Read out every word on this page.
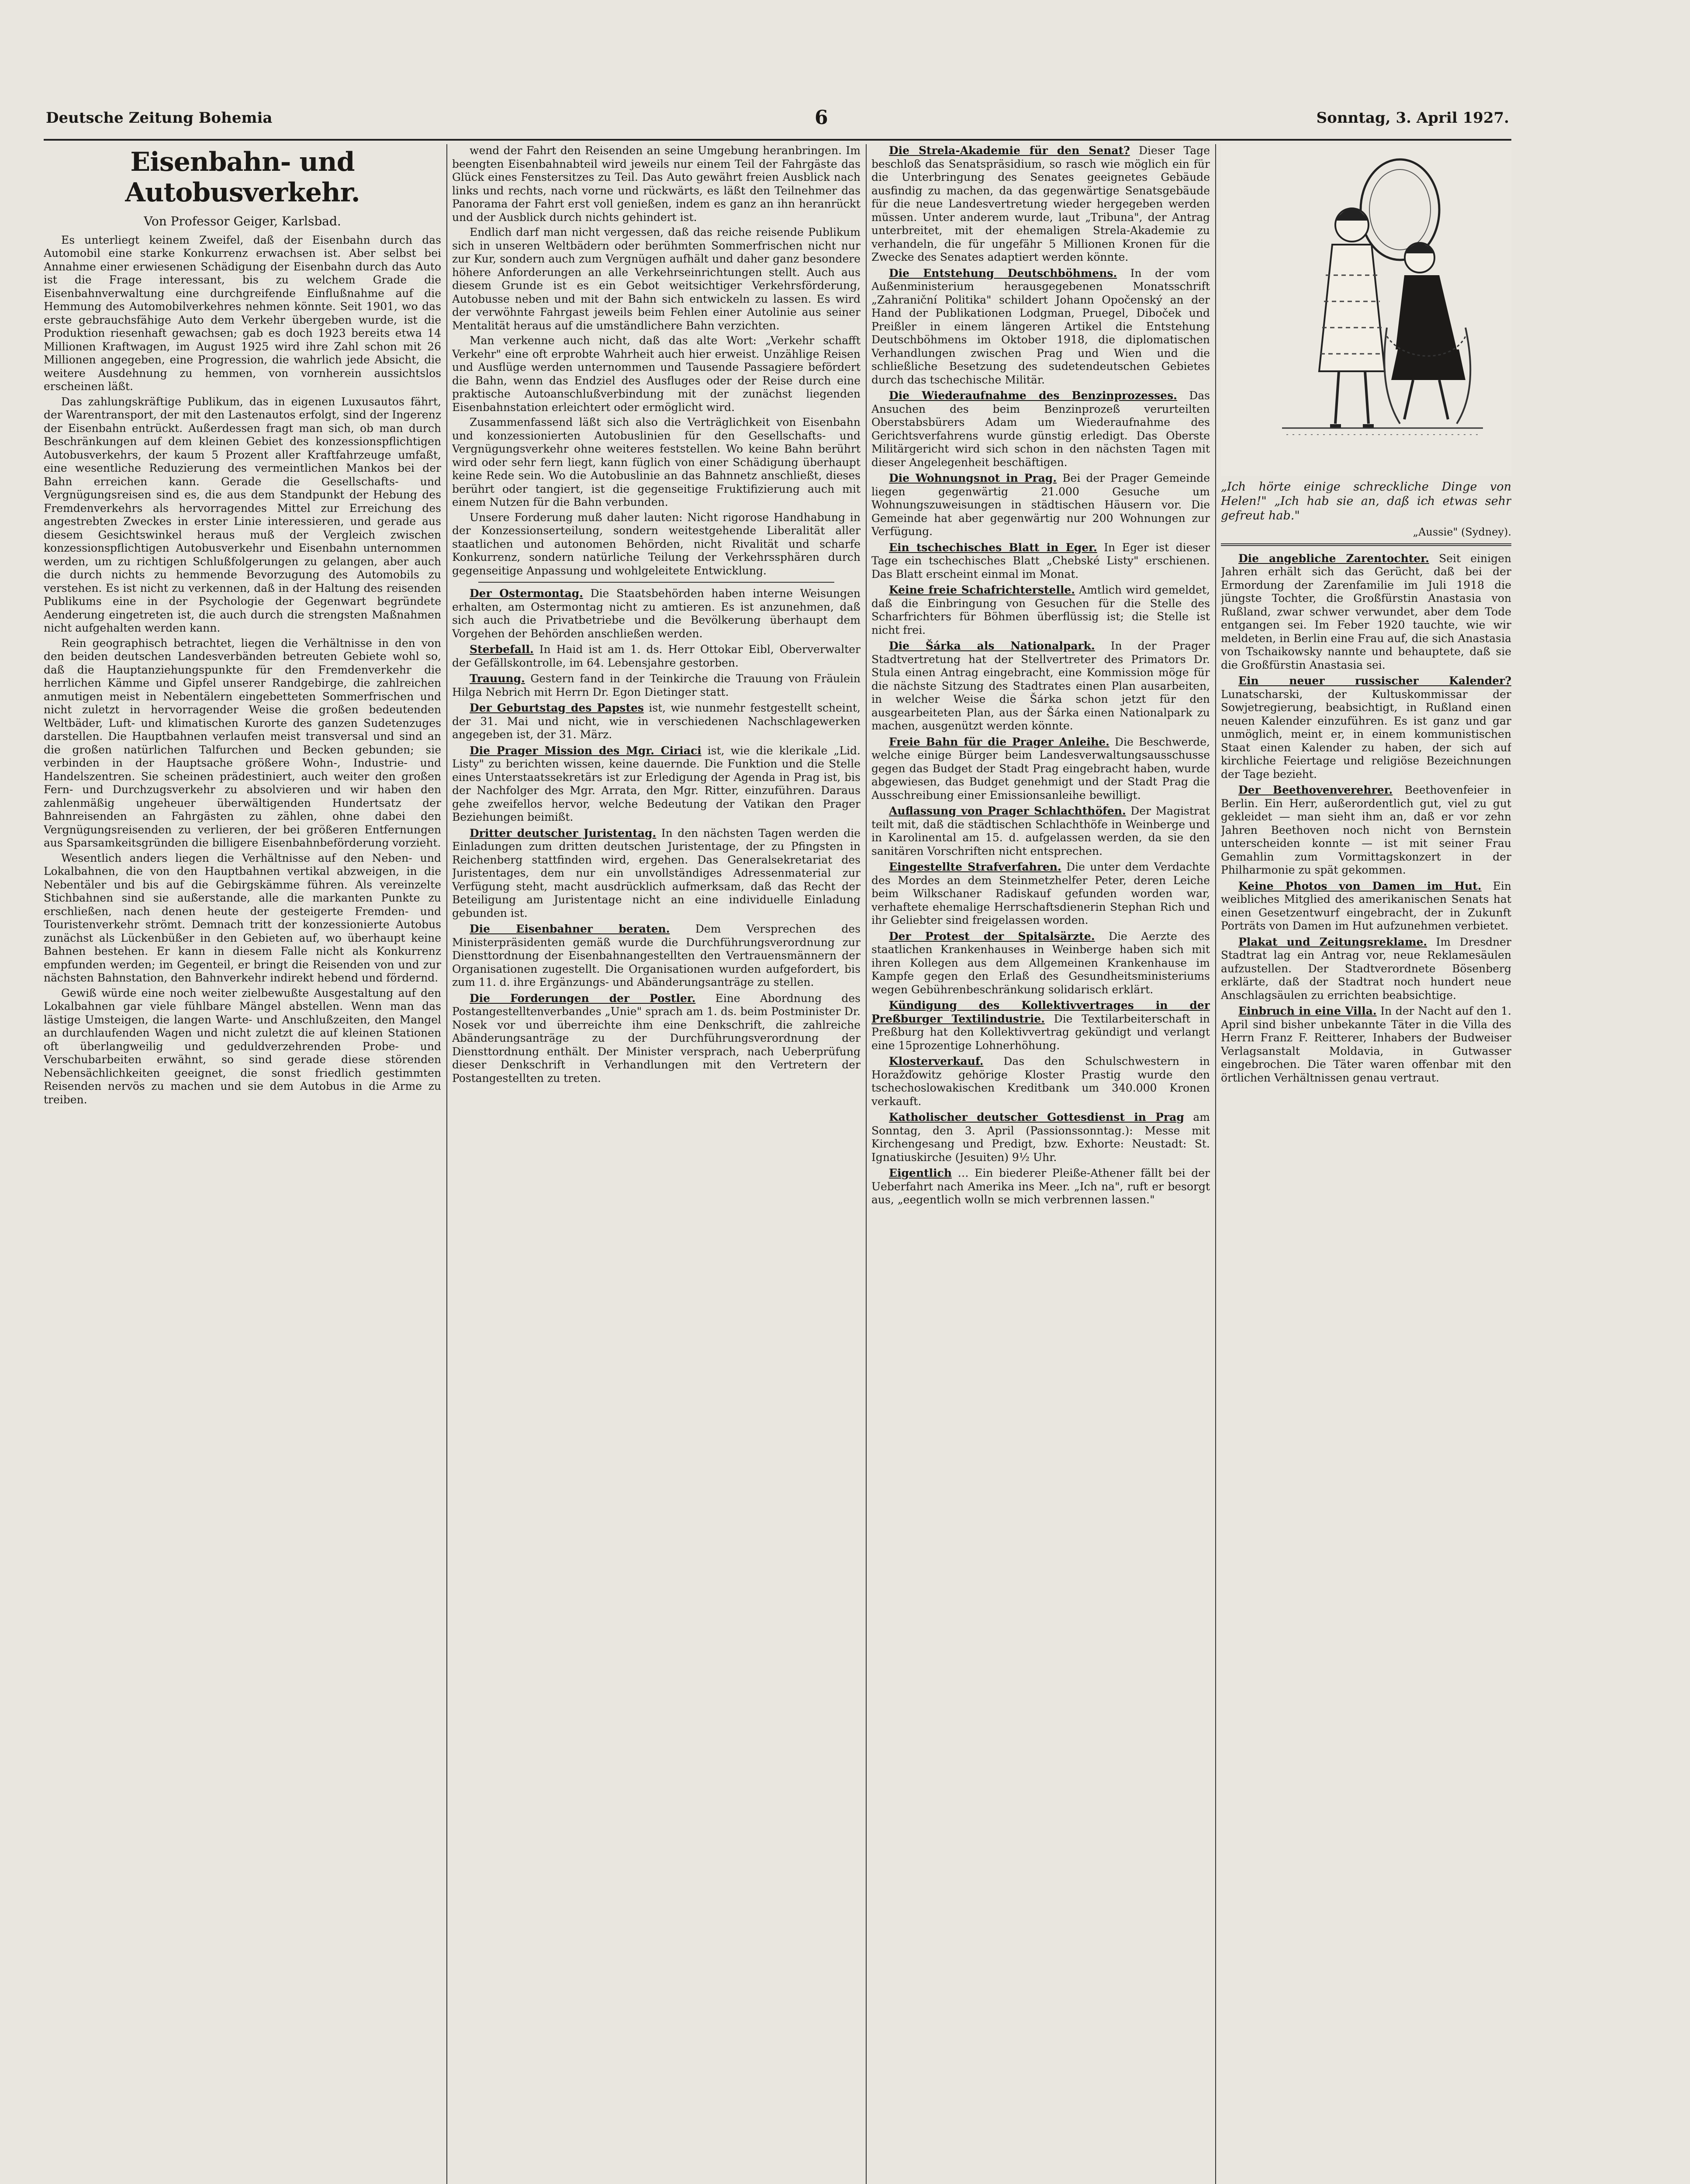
Deutsche Zeitung Bohemia	6	Sonntag, 3. April 1927.
Eisenbahn- und Autobusverkehr.
Von Professor Geiger, Karlsbad.

Es unterliegt keinem Zweifel, daß der Eisenbahn durch das Automobil eine starke Konkurrenz erwachsen ist. Aber selbst bei Annahme einer erwiesenen Schädigung der Eisenbahn durch das Auto ist die Frage interessant, bis zu welchem Grade die Eisenbahnverwaltung eine durchgreifende Einflußnahme auf die Hemmung des Automobilverkehres nehmen könnte. Seit 1901, wo das erste gebrauchsfähige Auto dem Verkehr übergeben wurde, ist die Produktion riesenhaft gewachsen; gab es doch 1923 bereits etwa 14 Millionen Kraftwagen, im August 1925 wird ihre Zahl schon mit 26 Millionen angegeben, eine Progression, die wahrlich jede Absicht, die weitere Ausdehnung zu hemmen, von vornherein aussichtslos erscheinen läßt.

Das zahlungskräftige Publikum, das in eigenen Luxusautos fährt, der Warentransport, der mit den Lastenautos erfolgt, sind der Ingerenz der Eisenbahn entrückt. Außerdessen fragt man sich, ob man durch Beschränkungen auf dem kleinen Gebiet des konzessionspflichtigen Autobusverkehrs, der kaum 5 Prozent aller Kraftfahrzeuge umfaßt, eine wesentliche Reduzierung des vermeintlichen Mankos bei der Bahn erreichen kann. Gerade die Gesellschafts- und Vergnügungsreisen sind es, die aus dem Standpunkt der Hebung des Fremdenverkehrs als hervorragendes Mittel zur Erreichung des angestrebten Zweckes in erster Linie interessieren, und gerade aus diesem Gesichtswinkel heraus muß der Vergleich zwischen konzessionspflichtigen Autobusverkehr und Eisenbahn unternommen werden, um zu richtigen Schlußfolgerungen zu gelangen, aber auch die durch nichts zu hemmende Bevorzugung des Automobils zu verstehen. Es ist nicht zu verkennen, daß in der Haltung des reisenden Publikums eine in der Psychologie der Gegenwart begründete Aenderung eingetreten ist, die auch durch die strengsten Maßnahmen nicht aufgehalten werden kann.

Rein geographisch betrachtet, liegen die Verhältnisse in den von den beiden deutschen Landesverbänden betreuten Gebiete wohl so, daß die Hauptanziehungspunkte für den Fremdenverkehr die herrlichen Kämme und Gipfel unserer Randgebirge, die zahlreichen anmutigen meist in Nebentälern eingebetteten Sommerfrischen und nicht zuletzt in hervorragender Weise die großen bedeutenden Weltbäder, Luft- und klimatischen Kurorte des ganzen Sudetenzuges darstellen. Die Hauptbahnen verlaufen meist transversal und sind an die großen natürlichen Talfurchen und Becken gebunden; sie verbinden in der Hauptsache größere Wohn-, Industrie- und Handelszentren. Sie scheinen prädestiniert, auch weiter den großen Fern- und Durchzugsverkehr zu absolvieren und wir haben den zahlenmäßig ungeheuer überwältigenden Hundertsatz der Bahnreisenden an Fahrgästen zu zählen, ohne dabei den Vergnügungsreisenden zu verlieren, der bei größeren Entfernungen aus Sparsamkeitsgründen die billigere Eisenbahnbeförderung vorzieht.

Wesentlich anders liegen die Verhältnisse auf den Neben- und Lokalbahnen, die von den Hauptbahnen vertikal abzweigen, in die Nebentäler und bis auf die Gebirgskämme führen. Als vereinzelte Stichbahnen sind sie außerstande, alle die markanten Punkte zu erschließen, nach denen heute der gesteigerte Fremden- und Touristenverkehr strömt. Demnach tritt der konzessionierte Autobus zunächst als Lückenbüßer in den Gebieten auf, wo überhaupt keine Bahnen bestehen. Er kann in diesem Falle nicht als Konkurrenz empfunden werden; im Gegenteil, er bringt die Reisenden von und zur nächsten Bahnstation, den Bahnverkehr indirekt hebend und fördernd.

Gewiß würde eine noch weiter zielbewußte Ausgestaltung auf den Lokalbahnen gar viele fühlbare Mängel abstellen. Wenn man das lästige Umsteigen, die langen Warte- und Anschlußzeiten, den Mangel an durchlaufenden Wagen und nicht zuletzt die auf kleinen Stationen oft überlangweilig und geduldverzehrenden Probe- und Verschubarbeiten erwähnt, so sind gerade diese störenden Nebensächlichkeiten geeignet, die sonst friedlich gestimmten Reisenden nervös zu machen und sie dem Autobus in die Arme zu treiben.

wend der Fahrt den Reisenden an seine Umgebung heranbringen. Im beengten Eisenbahnabteil wird jeweils nur einem Teil der Fahrgäste das Glück eines Fenstersitzes zu Teil. Das Auto gewährt freien Ausblick nach links und rechts, nach vorne und rückwärts, es läßt den Teilnehmer das Panorama der Fahrt erst voll genießen, indem es ganz an ihn heranrückt und der Ausblick durch nichts gehindert ist.

Endlich darf man nicht vergessen, daß das reiche reisende Publikum sich in unseren Weltbädern oder berühmten Sommerfrischen nicht nur zur Kur, sondern auch zum Vergnügen aufhält und daher ganz besondere höhere Anforderungen an alle Verkehrseinrichtungen stellt. Auch aus diesem Grunde ist es ein Gebot weitsichtiger Verkehrsförderung, Autobusse neben und mit der Bahn sich entwickeln zu lassen. Es wird der verwöhnte Fahrgast jeweils beim Fehlen einer Autolinie aus seiner Mentalität heraus auf die umständlichere Bahn verzichten.

Man verkenne auch nicht, daß das alte Wort: „Verkehr schafft Verkehr" eine oft erprobte Wahrheit auch hier erweist. Unzählige Reisen und Ausflüge werden unternommen und Tausende Passagiere befördert die Bahn, wenn das Endziel des Ausfluges oder der Reise durch eine praktische Autoanschlußverbindung mit der zunächst liegenden Eisenbahnstation erleichtert oder ermöglicht wird.

Zusammenfassend läßt sich also die Verträglichkeit von Eisenbahn und konzessionierten Autobuslinien für den Gesellschafts- und Vergnügungsverkehr ohne weiteres feststellen. Wo keine Bahn berührt wird oder sehr fern liegt, kann füglich von einer Schädigung überhaupt keine Rede sein. Wo die Autobuslinie an das Bahnnetz anschließt, dieses berührt oder tangiert, ist die gegenseitige Fruktifizierung auch mit einem Nutzen für die Bahn verbunden.

Unsere Forderung muß daher lauten: Nicht rigorose Handhabung in der Konzessionserteilung, sondern weitestgehende Liberalität aller staatlichen und autonomen Behörden, nicht Rivalität und scharfe Konkurrenz, sondern natürliche Teilung der Verkehrssphären durch gegenseitige Anpassung und wohlgeleitete Entwicklung.

Der Ostermontag. Die Staatsbehörden haben interne Weisungen erhalten, am Ostermontag nicht zu amtieren. Es ist anzunehmen, daß sich auch die Privatbetriebe und die Bevölkerung überhaupt dem Vorgehen der Behörden anschließen werden.

Sterbefall. In Haid ist am 1. ds. Herr Ottokar Eibl, Oberverwalter der Gefällskontrolle, im 64. Lebensjahre gestorben.

Trauung. Gestern fand in der Teinkirche die Trauung von Fräulein Hilga Nebrich mit Herrn Dr. Egon Dietinger statt.

Der Geburtstag des Papstes ist, wie nunmehr festgestellt scheint, der 31. Mai und nicht, wie in verschiedenen Nachschlagewerken angegeben ist, der 31. März.

Die Prager Mission des Mgr. Ciriaci ist, wie die klerikale „Lid. Listy" zu berichten wissen, keine dauernde. Die Funktion und die Stelle eines Unterstaatssekretärs ist zur Erledigung der Agenda in Prag ist, bis der Nachfolger des Mgr. Arrata, den Mgr. Ritter, einzuführen. Daraus gehe zweifellos hervor, welche Bedeutung der Vatikan den Prager Beziehungen beimißt.

Dritter deutscher Juristentag. In den nächsten Tagen werden die Einladungen zum dritten deutschen Juristentage, der zu Pfingsten in Reichenberg stattfinden wird, ergehen. Das Generalsekretariat des Juristentages, dem nur ein unvollständiges Adressenmaterial zur Verfügung steht, macht ausdrücklich aufmerksam, daß das Recht der Beteiligung am Juristentage nicht an eine individuelle Einladung gebunden ist.

Die Eisenbahner beraten. Dem Versprechen des Ministerpräsidenten gemäß wurde die Durchführungsverordnung zur Diensttordnung der Eisenbahnangestellten den Vertrauensmännern der Organisationen zugestellt. Die Organisationen wurden aufgefordert, bis zum 11. d. ihre Ergänzungs- und Abänderungsanträge zu stellen.

Die Forderungen der Postler. Eine Abordnung des Postangestelltenverbandes „Unie" sprach am 1. ds. beim Postminister Dr. Nosek vor und überreichte ihm eine Denkschrift, die zahlreiche Abänderungsanträge zu der Durchführungsverordnung der Diensttordnung enthält. Der Minister versprach, nach Ueberprüfung dieser Denkschrift in Verhandlungen mit den Vertretern der Postangestellten zu treten.

Die Strela-Akademie für den Senat? Dieser Tage beschloß das Senatspräsidium, so rasch wie möglich ein für die Unterbringung des Senates geeignetes Gebäude ausfindig zu machen, da das gegenwärtige Senatsgebäude für die neue Landesvertretung wieder hergegeben werden müssen. Unter anderem wurde, laut „Tribuna", der Antrag unterbreitet, mit der ehemaligen Strela-Akademie zu verhandeln, die für ungefähr 5 Millionen Kronen für die Zwecke des Senates adaptiert werden könnte.

Die Entstehung Deutschböhmens. In der vom Außenministerium herausgegebenen Monatsschrift „Zahraniční Politika" schildert Johann Opočenský an der Hand der Publikationen Lodgman, Pruegel, Diboček und Preißler in einem längeren Artikel die Entstehung Deutschböhmens im Oktober 1918, die diplomatischen Verhandlungen zwischen Prag und Wien und die schließliche Besetzung des sudetendeutschen Gebietes durch das tschechische Militär.

Die Wiederaufnahme des Benzinprozesses. Das Ansuchen des beim Benzinprozeß verurteilten Oberstabsbürers Adam um Wiederaufnahme des Gerichtsverfahrens wurde günstig erledigt. Das Oberste Militärgericht wird sich schon in den nächsten Tagen mit dieser Angelegenheit beschäftigen.

Die Wohnungsnot in Prag. Bei der Prager Gemeinde liegen gegenwärtig 21.000 Gesuche um Wohnungszuweisungen in städtischen Häusern vor. Die Gemeinde hat aber gegenwärtig nur 200 Wohnungen zur Verfügung.

Ein tschechisches Blatt in Eger. In Eger ist dieser Tage ein tschechisches Blatt „Chebské Listy" erschienen. Das Blatt erscheint einmal im Monat.

Keine freie Schafrichterstelle. Amtlich wird gemeldet, daß die Einbringung von Gesuchen für die Stelle des Scharfrichters für Böhmen überflüssig ist; die Stelle ist nicht frei.

Die Šárka als Nationalpark. In der Prager Stadtvertretung hat der Stellvertreter des Primators Dr. Stula einen Antrag eingebracht, eine Kommission möge für die nächste Sitzung des Stadtrates einen Plan ausarbeiten, in welcher Weise die Šárka schon jetzt für den ausgearbeiteten Plan, aus der Šárka einen Nationalpark zu machen, ausgenützt werden könnte.

Freie Bahn für die Prager Anleihe. Die Beschwerde, welche einige Bürger beim Landesverwaltungsausschusse gegen das Budget der Stadt Prag eingebracht haben, wurde abgewiesen, das Budget genehmigt und der Stadt Prag die Ausschreibung einer Emissionsanleihe bewilligt.

Auflassung von Prager Schlachthöfen. Der Magistrat teilt mit, daß die städtischen Schlachthöfe in Weinberge und in Karolinental am 15. d. aufgelassen werden, da sie den sanitären Vorschriften nicht entsprechen.

Eingestellte Strafverfahren. Die unter dem Verdachte des Mordes an dem Steinmetzhelfer Peter, deren Leiche beim Wilkschaner Radiskauf gefunden worden war, verhaftete ehemalige Herrschaftsdienerin Stephan Rich und ihr Geliebter sind freigelassen worden.

Der Protest der Spitalsärzte. Die Aerzte des staatlichen Krankenhauses in Weinberge haben sich mit ihren Kollegen aus dem Allgemeinen Krankenhause im Kampfe gegen den Erlaß des Gesundheitsministeriums wegen Gebührenbeschränkung solidarisch erklärt.

Kündigung des Kollektivvertrages in der Preßburger Textilindustrie. Die Textilarbeiterschaft in Preßburg hat den Kollektivvertrag gekündigt und verlangt eine 15prozentige Lohnerhöhung.

Klosterverkauf. Das den Schulschwestern in Horažďowitz gehörige Kloster Prastig wurde den tschechoslowakischen Kreditbank um 340.000 Kronen verkauft.

Katholischer deutscher Gottesdienst in Prag am Sonntag, den 3. April (Passionssonntag.): Messe mit Kirchengesang und Predigt, bzw. Exhorte: Neustadt: St. Ignatiuskirche (Jesuiten) 9½ Uhr.

Eigentlich … Ein biederer Pleiße-Athener fällt bei der Ueberfahrt nach Amerika ins Meer. „Ich na", ruft er besorgt aus, „eegentlich wolln se mich verbrennen lassen."

„Ich hörte einige schreckliche Dinge von Helen!" „Ich hab sie an, daß ich etwas sehr gefreut hab."
„Aussie" (Sydney).

Die angebliche Zarentochter. Seit einigen Jahren erhält sich das Gerücht, daß bei der Ermordung der Zarenfamilie im Juli 1918 die jüngste Tochter, die Großfürstin Anastasia von Rußland, zwar schwer verwundet, aber dem Tode entgangen sei. Im Feber 1920 tauchte, wie wir meldeten, in Berlin eine Frau auf, die sich Anastasia von Tschaikowsky nannte und behauptete, daß sie die Großfürstin Anastasia sei.

Ein neuer russischer Kalender? Lunatscharski, der Kultuskommissar der Sowjetregierung, beabsichtigt, in Rußland einen neuen Kalender einzuführen. Es ist ganz und gar unmöglich, meint er, in einem kommunistischen Staat einen Kalender zu haben, der sich auf kirchliche Feiertage und religiöse Bezeichnungen der Tage bezieht.

Der Beethovenverehrer. Beethovenfeier in Berlin. Ein Herr, außerordentlich gut, viel zu gut gekleidet — man sieht ihm an, daß er vor zehn Jahren Beethoven noch nicht von Bernstein unterscheiden konnte — ist mit seiner Frau Gemahlin zum Vormittagskonzert in der Philharmonie zu spät gekommen.

Keine Photos von Damen im Hut. Ein weibliches Mitglied des amerikanischen Senats hat einen Gesetzentwurf eingebracht, der in Zukunft Porträts von Damen im Hut aufzunehmen verbietet.

Plakat und Zeitungsreklame. Im Dresdner Stadtrat lag ein Antrag vor, neue Reklamesäulen aufzustellen. Der Stadtverordnete Bösenberg erklärte, daß der Stadtrat noch hundert neue Anschlagsäulen zu errichten beabsichtige.

Einbruch in eine Villa. In der Nacht auf den 1. April sind bisher unbekannte Täter in die Villa des Herrn Franz F. Reitterer, Inhabers der Budweiser Verlagsanstalt Moldavia, in Gutwasser eingebrochen. Die Täter waren offenbar mit den örtlichen Verhältnissen genau vertraut.
